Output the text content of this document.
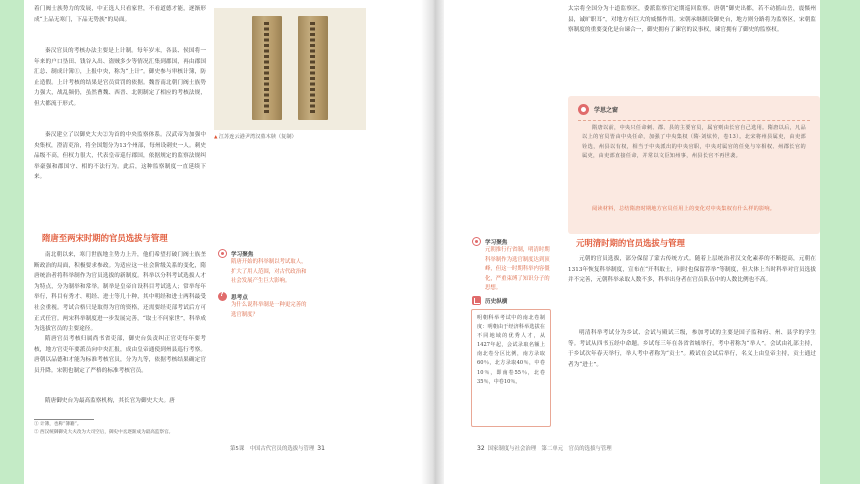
着门阀士族势力的发展，中正选人只看家世，不看道德才能，逐渐形成“上品无寒门，下品无势族”的局面。

秦汉官员的考核办法主要是上计制。每年岁末，各县、侯国将一年来的户口垦田、钱谷入出、盗贼多少等情况汇集到郡国，再由郡国汇总、制成计簿①，上报中央，称为“上计”。御史参与审核计簿，防止造假。上计考核的结果是官员赏罚的依据。魏晋南北朝门阀士族势力强大，战乱频仍，虽然曹魏、西晋、北朝制定了相应的考核法规，但大都流于形式。

秦汉建立了以御史大夫②为首的中央监察体系。汉武帝为加强中央集权，澄清吏治，将全国划分为13个州部，每州设刺史一人。刺史品级不高，但权力很大，代表皇帝巡行郡国，依据规定的监察法规纠举豪强和郡国守、相的不法行为。此后，这种监察制度一直延续下来。

▲ 江苏连云港尹湾汉墓木牍（复制）
隋唐至两宋时期的官员选拔与管理

南北朝以来，寒门世族地主势力上升，他们希望打破门阀士族垄断政治的局面，积极要求参政。为适应这一社会阶级关系的变化，隋唐统治者将科举制作为官员选拔的新制度。科举以分科考试选拔人才为特点，分为制举和常举。制举是皇帝自设科目考试选人；常举每年举行，科目有秀才、明经、进士等几十种，其中明经和进士两科最受社会重视。考试合格只是取得为官的资格，还需要经吏部考试后方可正式任官。两宋科举制度进一步发展完善，“取士不问家世”，科举成为选拔官员的主要途径。

隋唐官员考核归属尚书省吏部，御史台负责纠正官吏每年要考核，地方官吏年要派员向中央汇报，成由皇帝通使到州县巡行考察。唐朝以品德和才能为标准考核官员，分为九等，依据考核结果确定官员升降。宋朝也制定了严格的标准考核官员。

隋唐御史台为最高监察机构，其长官为御史大夫。唐

① 计簿，也称“簿籍”。
② 西汉统御御史大夫改为大司空后，御史中丞逐渐成为最高监察官。
学习聚焦
隋唐开始的科举制以考试取人，扩大了用人范围，对古代政治和社会发展产生巨大影响。
?
思考点
为什么说科举制是一种更完善的选官制度？
第5课　中国古代官员的选拔与管理 31

太宗将全国分为十道监察区，委派监察官定期巡回监察。唐朝“御史出都，若不动摇山岳，震慑州县，诚旷职耳”，对地方有巨大的威慑作用。宋朝承继制设御史台，地方则分路将为监察区，宋朝监察制度的重要变化是台谏合一，御史拥有了谏官的议事权，谏官拥有了御史的监察权。

学思之窗

隋唐以前，中央只任命刺、郡、县的主要官员，属官则由长官自己选用。隋唐以后，凡品以上的官员皆由中央任命，加强了中央集权（隋·刘炫传，卷13）。北宋将州县属吏，由吏部铨选，州县以有权，相当于中央派出的中央官职，中央对属官的任免与宰相权、州郡长官的属吏，由吏部直接任命，并常以文臣知州事，州县长官不再世袭。

阅读材料，总结隋唐时期地方官员任用上的变化对中央集权有什么样的影响。

学习聚焦
元朝推行行省制，明清时期科举制作为选官制度达到顶峰，但这一时期科举内容僵化，严重束缚了知识分子的思想。
历史纵横
元明清时期的官员选拔与管理

元朝的官员选拔，部分保留了蒙古传统方式。随着上层统治者汉文化素养的不断提高，元朝在1313年恢复科举制度，宣布在“开科取士，同时也保留荐举”等制度，但大体上当时科举对官员选拔并不完善，元朝科举录取人数不多，科举出身者在官员队伍中的人数比例也不高。

明清科举考试分为乡试、会试与殿试三级，参加考试的主要是国子监和府、州、县学的学生等。考试从四书五经中命题。乡试每三年在各省省城举行，考中者称为“举人”。会试由礼部主持，于乡试次年春天举行，举人考中者称为“贡士”。殿试在会试后举行，名义上由皇帝主持，贡士通过者为“进士”。

32 国家制度与社会治理　第二单元　官员的选拔与管理

明朝科举考试中的南北卷制度：明朝由于经济科举选拔在不同地域的优秀人才，从1427年起，会试录取名额上南北卷分区比例，南方录取60％，北方录取40％，中卷10％，即南卷55％，北卷35％，中卷10％。
